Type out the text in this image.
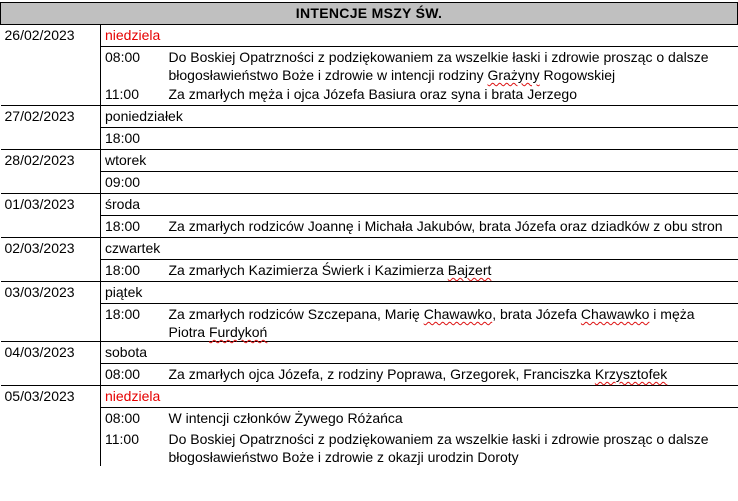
INTENCJE MSZY ŚW.		
26/02/2023	niedziela	
	08:00	Do Boskiej Opatrzności z podziękowaniem za wszelkie łaski i zdrowie prosząc o dalsze błogosławieństwo Boże i zdrowie w intencji rodziny Grażyny Rogowskiej
	11:00	Za zmarłych męża i ojca Józefa Basiura oraz syna i brata Jerzego
27/02/2023	poniedziałek	
	18:00	
28/02/2023	wtorek	
	09:00	
01/03/2023	środa	
	18:00	Za zmarłych rodziców Joannę i Michała Jakubów, brata Józefa oraz dziadków z obu stron
02/03/2023	czwartek	
	18:00	Za zmarłych Kazimierza Świerk i Kazimierza Bajzert
03/03/2023	piątek	
	18:00	Za zmarłych rodziców Szczepana, Marię Chawawko, brata Józefa Chawawko i męża Piotra Furdykoń
04/03/2023	sobota	
	08:00	Za zmarłych ojca Józefa, z rodziny Poprawa, Grzegorek, Franciszka Krzysztofek
05/03/2023	niedziela	
	08:00	W intencji członków Żywego Różańca
	11:00	Do Boskiej Opatrzności z podziękowaniem za wszelkie łaski i zdrowie prosząc o dalsze błogosławieństwo Boże i zdrowie z okazji urodzin Doroty
